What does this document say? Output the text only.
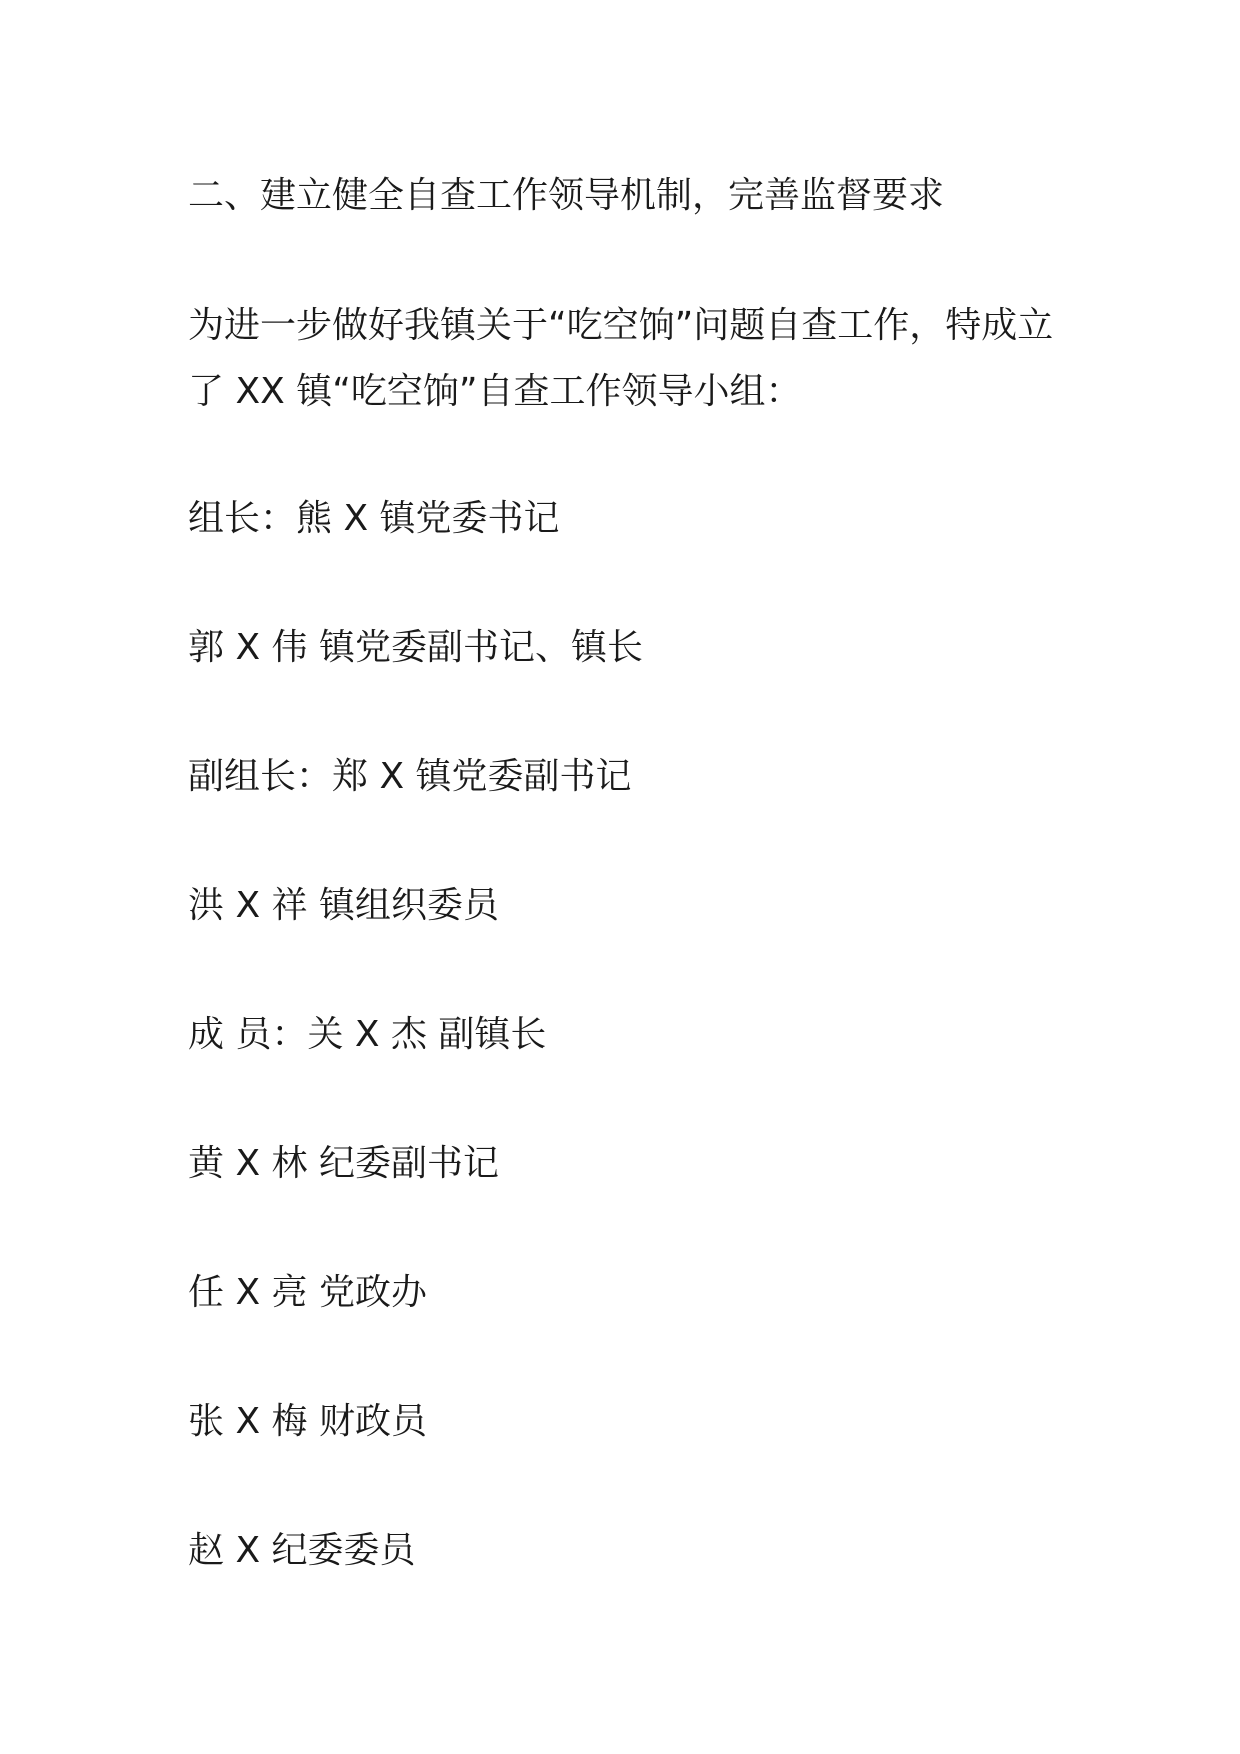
二、建立健全自查工作领导机制，完善监督要求
为进一步做好我镇关于“吃空饷”问题自查工作，特成立
了 XX 镇“吃空饷”自查工作领导小组：
组长：熊 X 镇党委书记
郭 X 伟 镇党委副书记、镇长
副组长：郑 X 镇党委副书记
洪 X 祥 镇组织委员
成 员：关 X 杰 副镇长
黄 X 林 纪委副书记
任 X 亮 党政办
张 X 梅 财政员
赵 X 纪委委员
